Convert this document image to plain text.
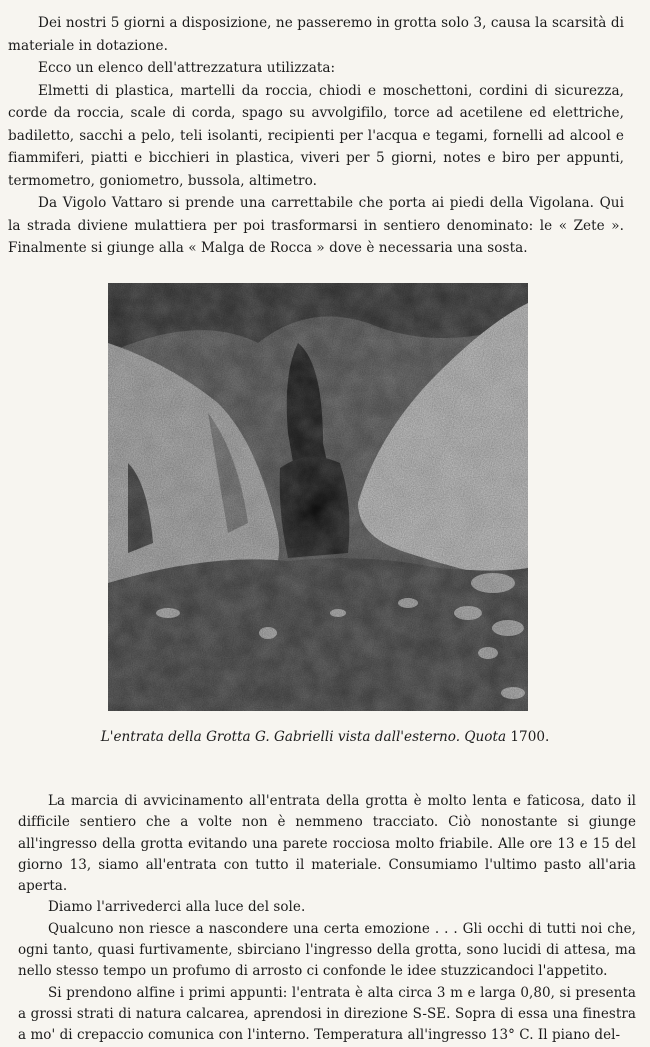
Dei nostri 5 giorni a disposizione, ne passeremo in grotta solo 3, causa la scarsità di materiale in dotazione.

Ecco un elenco dell'attrezzatura utilizzata:

Elmetti di plastica, martelli da roccia, chiodi e moschettoni, cordini di sicurezza, corde da roccia, scale di corda, spago su avvolgifilo, torce ad acetilene ed elettriche, badiletto, sacchi a pelo, teli isolanti, recipienti per l'acqua e tegami, fornelli ad alcool e fiammiferi, piatti e bicchieri in plastica, viveri per 5 giorni, notes e biro per appunti, termometro, goniometro, bussola, altimetro.

Da Vigolo Vattaro si prende una carrettabile che porta ai piedi della Vigolana. Qui la strada diviene mulattiera per poi trasformarsi in sentiero denominato: le « Zete ». Finalmente si giunge alla « Malga de Rocca » dove è necessaria una sosta.

L'entrata della Grotta G. Gabrielli vista dall'esterno. Quota 1700.

La marcia di avvicinamento all'entrata della grotta è molto lenta e faticosa, dato il difficile sentiero che a volte non è nemmeno tracciato. Ciò nonostante si giunge all'ingresso della grotta evitando una parete rocciosa molto friabile. Alle ore 13 e 15 del giorno 13, siamo all'entrata con tutto il materiale. Consumiamo l'ultimo pasto all'aria aperta.

Diamo l'arrivederci alla luce del sole.

Qualcuno non riesce a nascondere una certa emozione . . . Gli occhi di tutti noi che, ogni tanto, quasi furtivamente, sbirciano l'ingresso della grotta, sono lucidi di attesa, ma nello stesso tempo un profumo di arrosto ci confonde le idee stuzzicandoci l'appetito.

Si prendono alfine i primi appunti: l'entrata è alta circa 3 m e larga 0,80, si presenta a grossi strati di natura calcarea, aprendosi in direzione S-SE. Sopra di essa una finestra a mo' di crepaccio comunica con l'interno. Temperatura all'ingresso 13° C. Il piano del-
